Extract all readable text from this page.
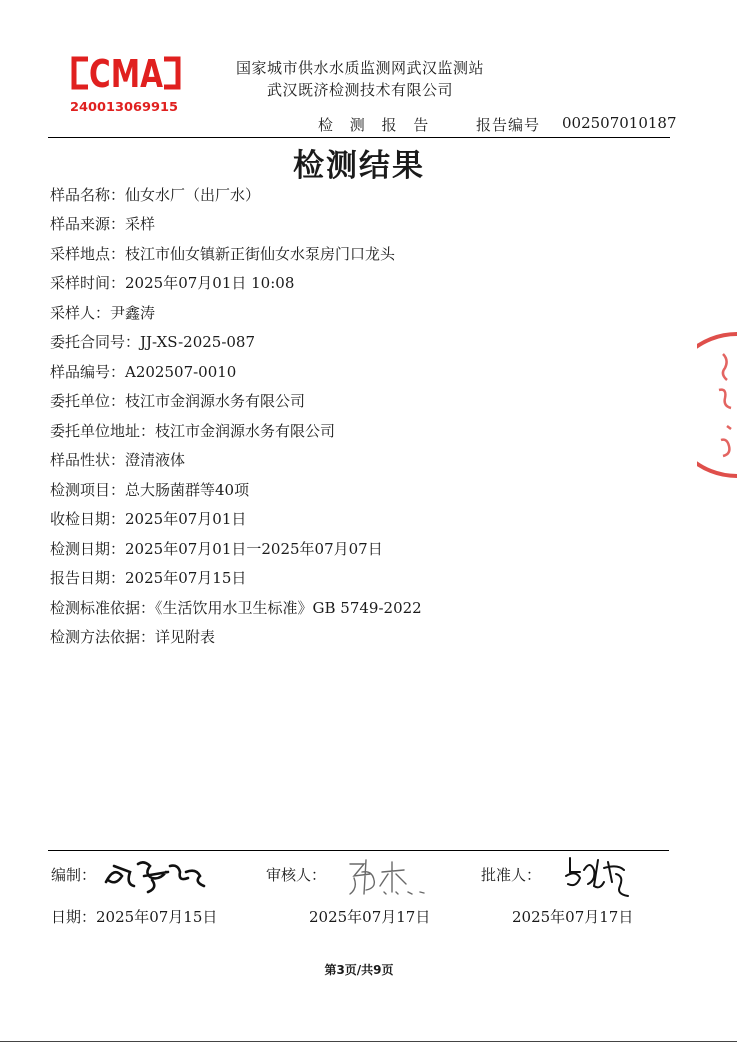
CMA
240013069915
国家城市供水水质监测网武汉监测站
武汉既济检测技术有限公司
检 测 报 告	报告编号 002507010187
检测结果
样品名称：仙女水厂（出厂水）
样品来源：采样
采样地点：枝江市仙女镇新正街仙女水泵房门口龙头
采样时间：2025年07月01日 10:08
采样人：尹鑫涛
委托合同号：JJ-XS-2025-087
样品编号：A202507-0010
委托单位：枝江市金润源水务有限公司
委托单位地址：枝江市金润源水务有限公司
样品性状：澄清液体
检测项目：总大肠菌群等40项
收检日期：2025年07月01日
检测日期：2025年07月01日一2025年07月07日
报告日期：2025年07月15日
检测标准依据：《生活饮用水卫生标准》GB 5749-2022
检测方法依据：详见附表
编制：	审核人：	批准人：
日期：2025年07月15日	2025年07月17日	2025年07月17日
第3页/共9页
